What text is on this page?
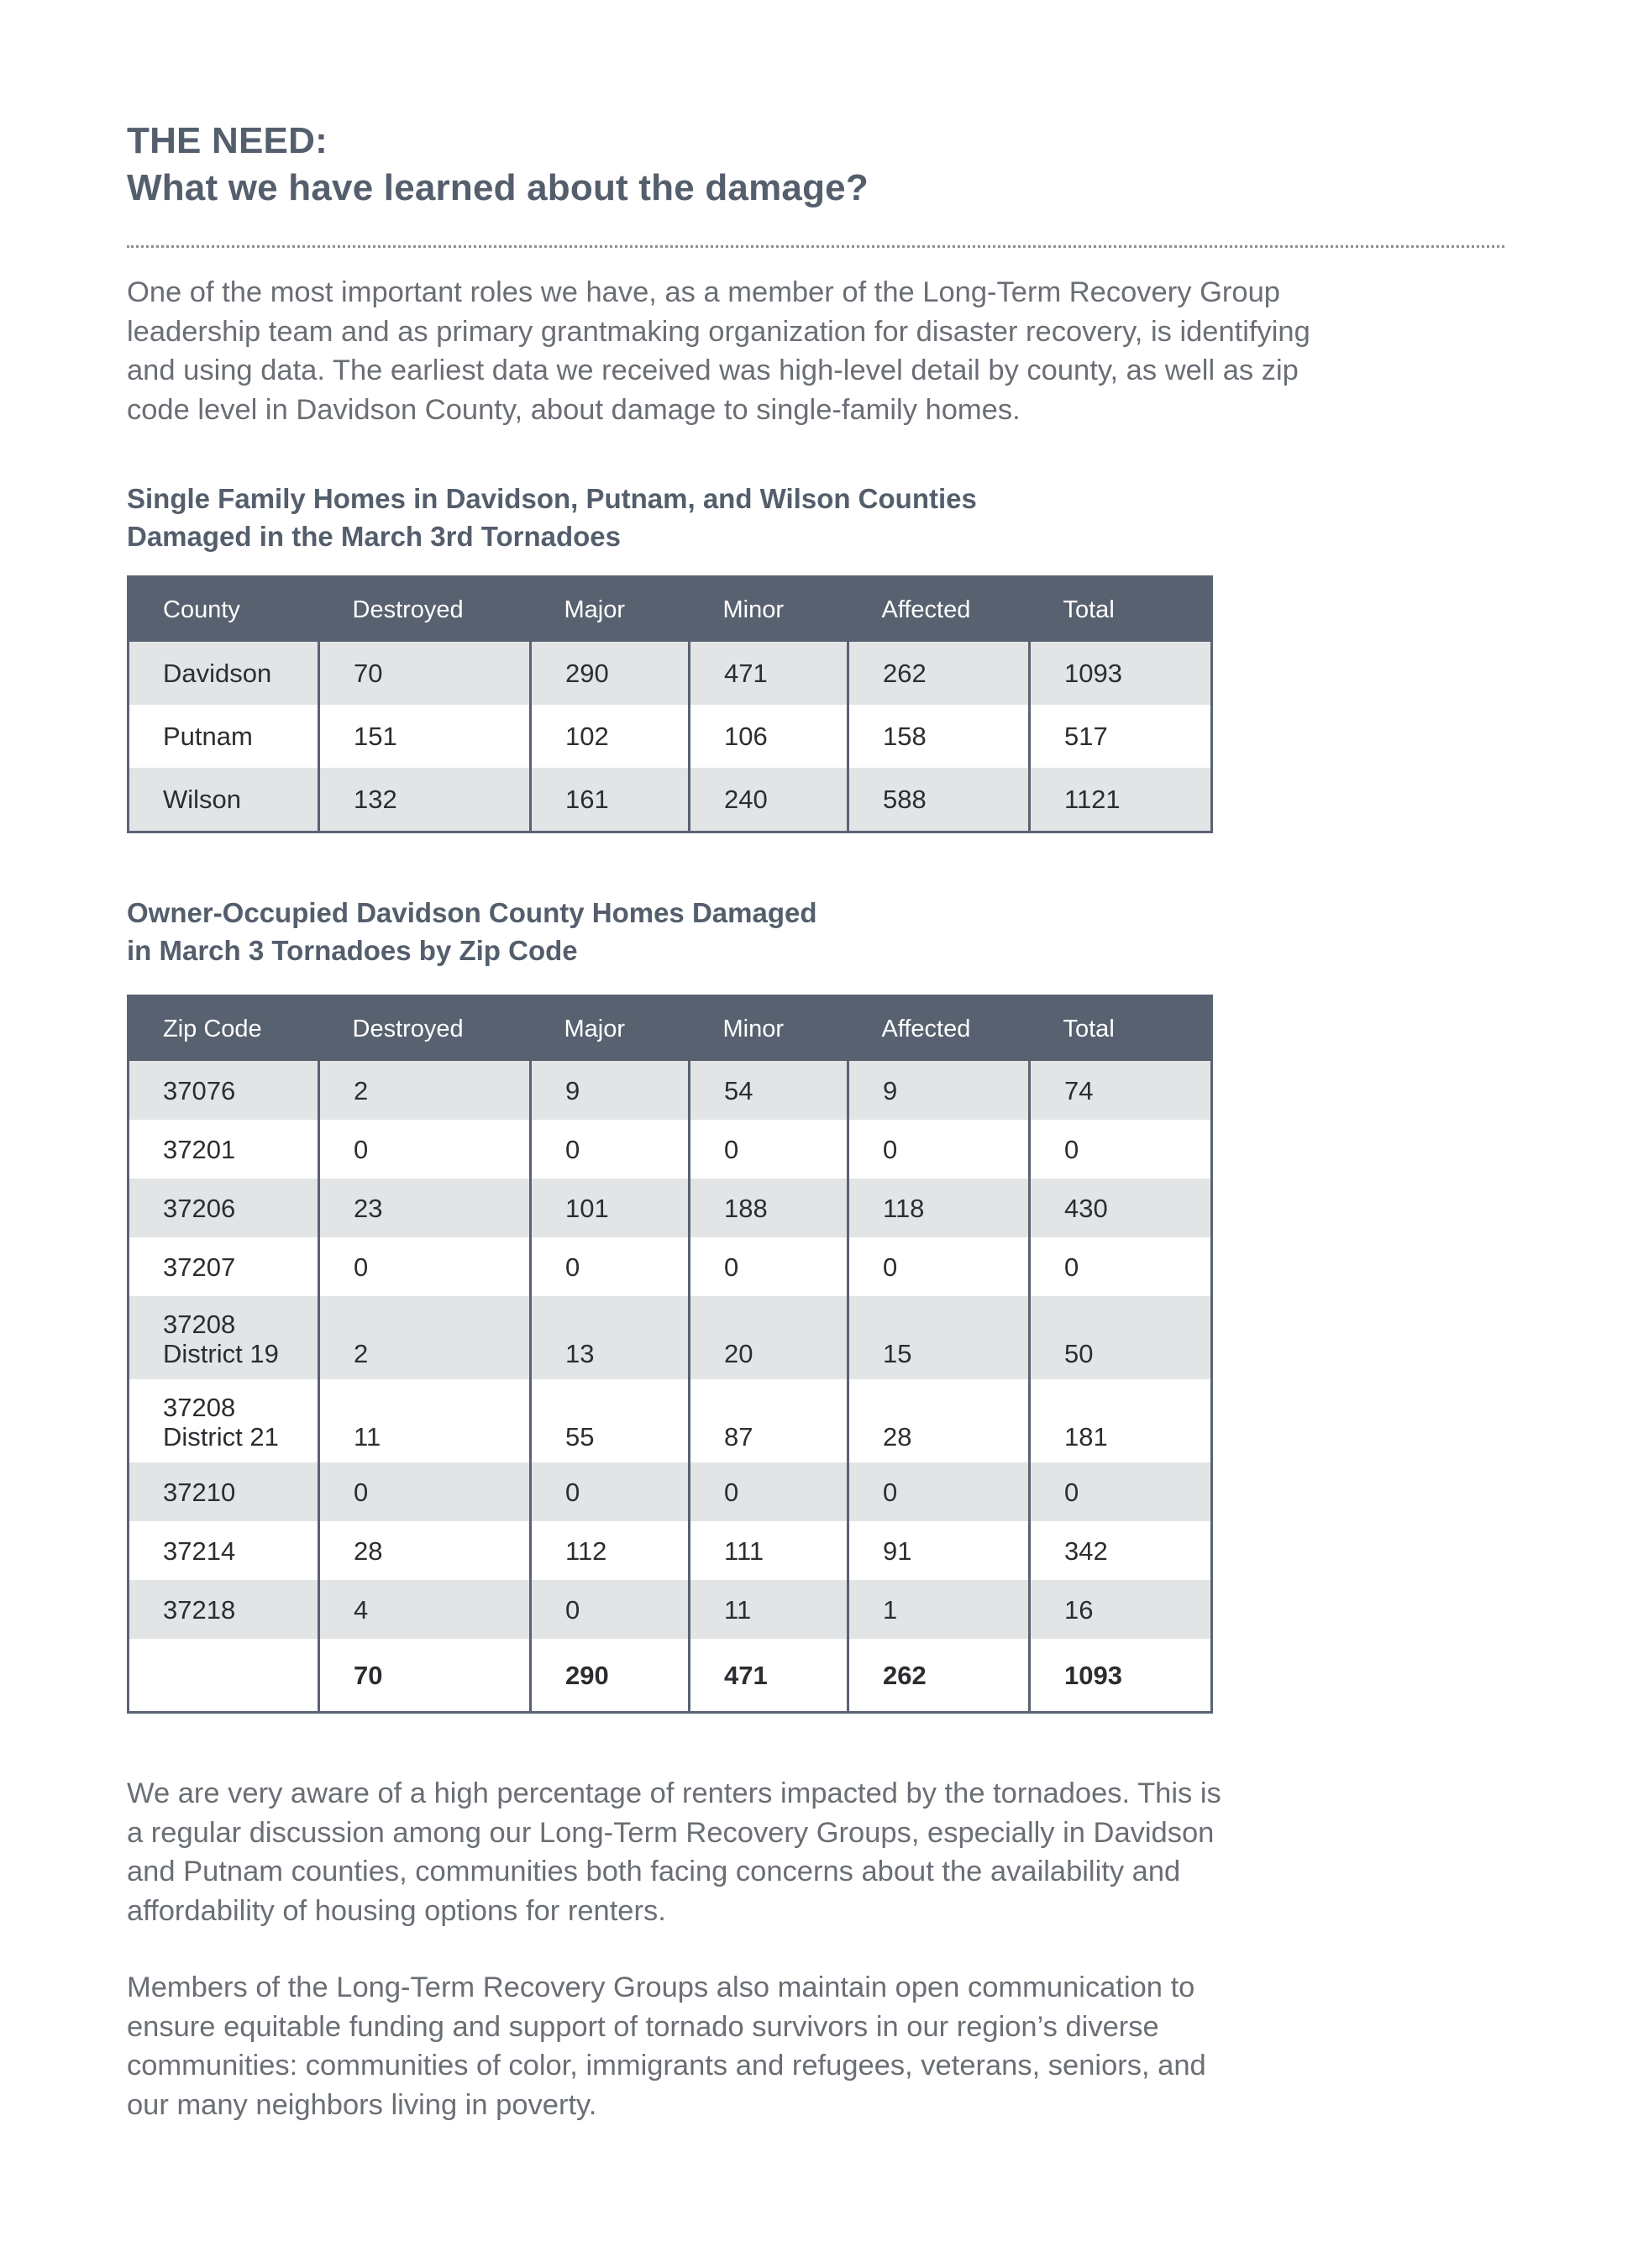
THE NEED:
What we have learned about the damage?

One of the most important roles we have, as a member of the Long-Term Recovery Group
leadership team and as primary grantmaking organization for disaster recovery, is identifying
and using data. The earliest data we received was high-level detail by county, as well as zip
code level in Davidson County, about damage to single-family homes.

Single Family Homes in Davidson, Putnam, and Wilson Counties
Damaged in the March 3rd Tornadoes
County	Destroyed	Major	Minor	Affected	Total
Davidson	70	290	471	262	1093
Putnam	151	102	106	158	517
Wilson	132	161	240	588	1121
Owner-Occupied Davidson County Homes Damaged
in March 3 Tornadoes by Zip Code
Zip Code	Destroyed	Major	Minor	Affected	Total
37076	2	9	54	9	74
37201	0	0	0	0	0
37206	23	101	188	118	430
37207	0	0	0	0	0

37208
District 19	2	13	20	15	50

37208
District 21	11	55	87	28	181
37210	0	0	0	0	0
37214	28	112	111	91	342
37218	4	0	11	1	16
	70	290	471	262	1093

We are very aware of a high percentage of renters impacted by the tornadoes. This is
a regular discussion among our Long-Term Recovery Groups, especially in Davidson
and Putnam counties, communities both facing concerns about the availability and
affordability of housing options for renters.

Members of the Long-Term Recovery Groups also maintain open communication to
ensure equitable funding and support of tornado survivors in our region’s diverse
communities: communities of color, immigrants and refugees, veterans, seniors, and
our many neighbors living in poverty.
